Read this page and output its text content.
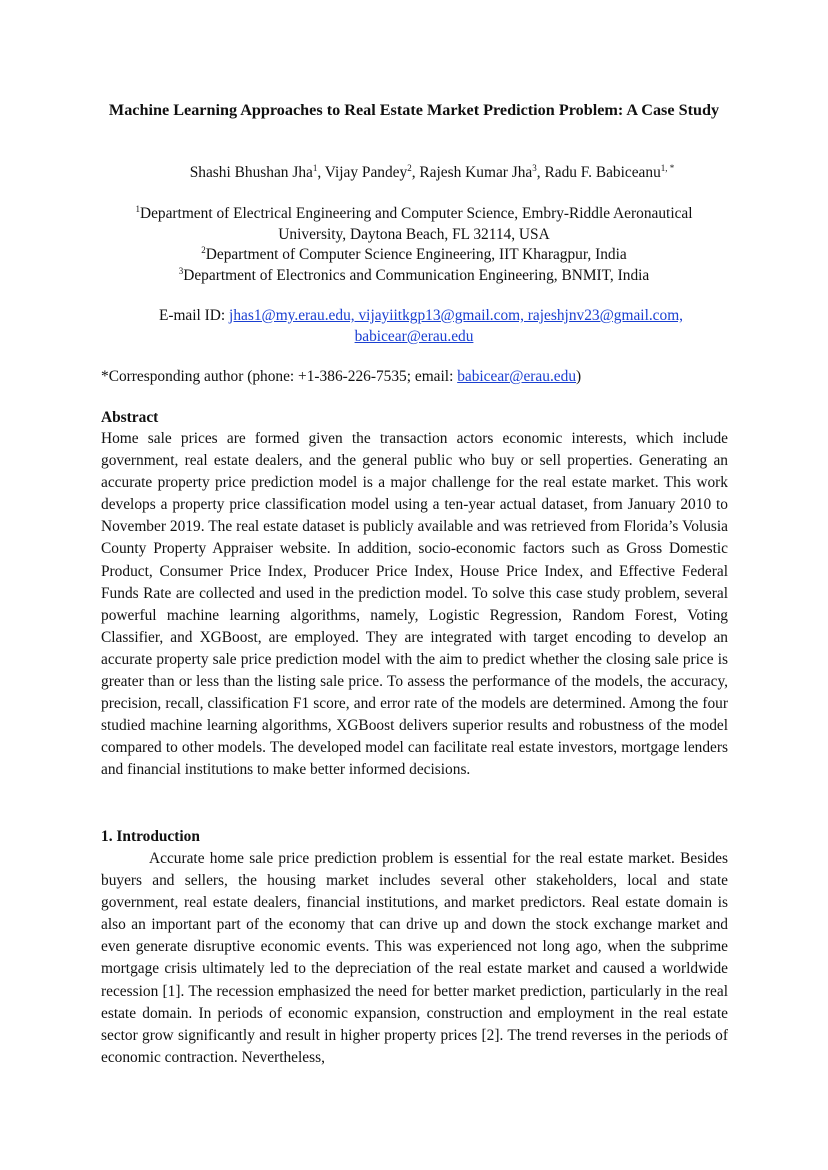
Machine Learning Approaches to Real Estate Market Prediction Problem: A Case Study
Shashi Bhushan Jha$^1$, Vijay Pandey$^2$, Rajesh Kumar Jha$^3$, Radu F. Babiceanu$^{1, *}$
$^1$Department of Electrical Engineering and Computer Science, Embry-Riddle Aeronautical
University, Daytona Beach, FL 32114, USA
$^2$Department of Computer Science Engineering, IIT Kharagpur, India
$^3$Department of Electronics and Communication Engineering, BNMIT, India
E-mail ID: jhas1@my.erau.edu, vijayiitkgp13@gmail.com, rajeshjnv23@gmail.com,
babicear@erau.edu
*Corresponding author (phone: +1-386-226-7535; email: babicear@erau.edu)
Abstract

Home sale prices are formed given the transaction actors economic interests, which include government, real estate dealers, and the general public who buy or sell properties. Generating an accurate property price prediction model is a major challenge for the real estate market. This work develops a property price classification model using a ten-year actual dataset, from January 2010 to November 2019. The real estate dataset is publicly available and was retrieved from Florida’s Volusia County Property Appraiser website. In addition, socio-economic factors such as Gross Domestic Product, Consumer Price Index, Producer Price Index, House Price Index, and Effective Federal Funds Rate are collected and used in the prediction model. To solve this case study problem, several powerful machine learning algorithms, namely, Logistic Regression, Random Forest, Voting Classifier, and XGBoost, are employed. They are integrated with target encoding to develop an accurate property sale price prediction model with the aim to predict whether the closing sale price is greater than or less than the listing sale price. To assess the performance of the models, the accuracy, precision, recall, classification F1 score, and error rate of the models are determined. Among the four studied machine learning algorithms, XGBoost delivers superior results and robustness of the model compared to other models. The developed model can facilitate real estate investors, mortgage lenders and financial institutions to make better informed decisions.

1. Introduction

Accurate home sale price prediction problem is essential for the real estate market. Besides buyers and sellers, the housing market includes several other stakeholders, local and state government, real estate dealers, financial institutions, and market predictors. Real estate domain is also an important part of the economy that can drive up and down the stock exchange market and even generate disruptive economic events. This was experienced not long ago, when the subprime mortgage crisis ultimately led to the depreciation of the real estate market and caused a worldwide recession [1]. The recession emphasized the need for better market prediction, particularly in the real estate domain. In periods of economic expansion, construction and employment in the real estate sector grow significantly and result in higher property prices [2]. The trend reverses in the periods of economic contraction. Nevertheless,
